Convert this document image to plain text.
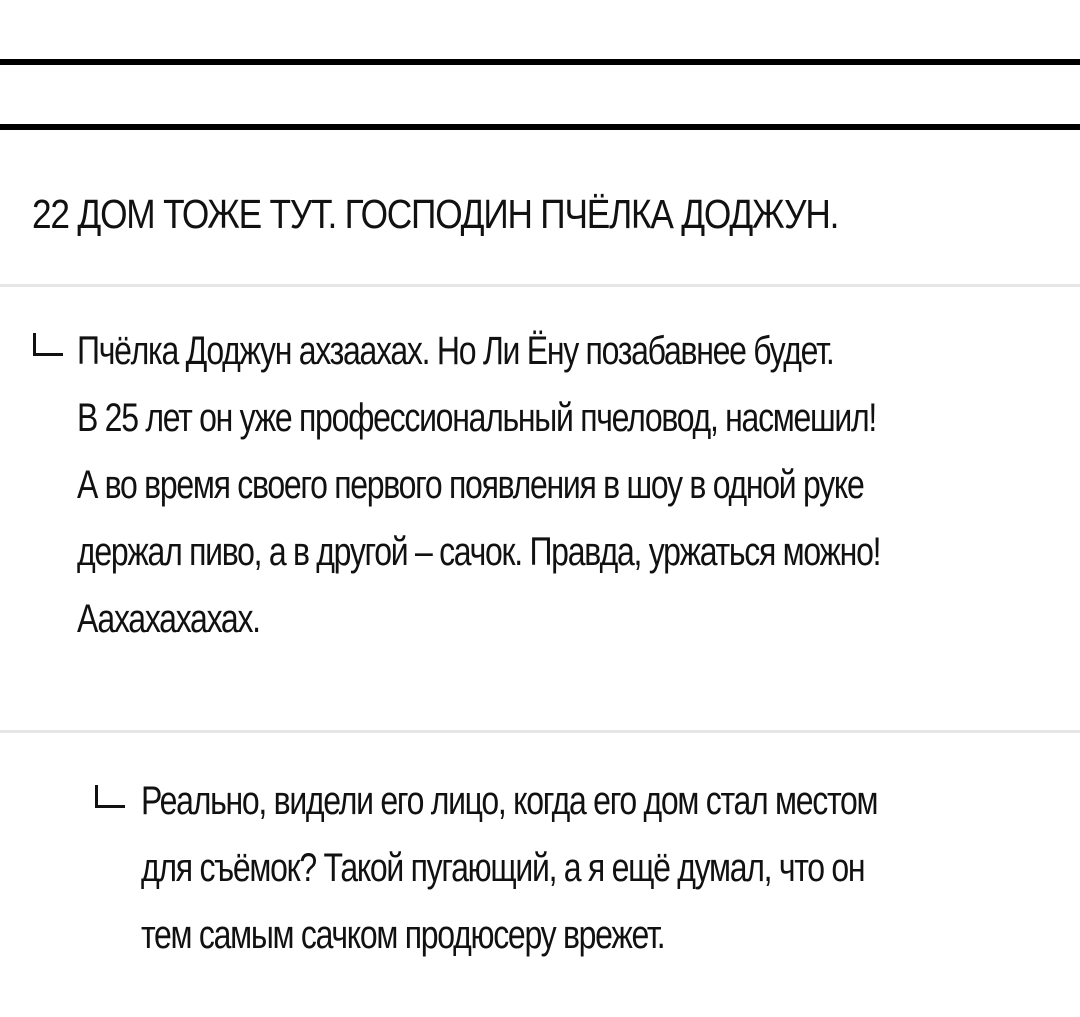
22 ДОМ ТОЖЕ ТУТ. ГОСПОДИН ПЧЁЛКА ДОДЖУН.
Пчёлка Доджун ахзаахах. Но Ли Ёну позабавнее будет.
В 25 лет он уже профессиональный пчеловод, насмешил!
А во время своего первого появления в шоу в одной руке
держал пиво, а в другой – сачок. Правда, уржаться можно!
Аахахахахах.
Реально, видели его лицо, когда его дом стал местом
для съёмок? Такой пугающий, а я ещё думал, что он
тем самым сачком продюсеру врежет.
